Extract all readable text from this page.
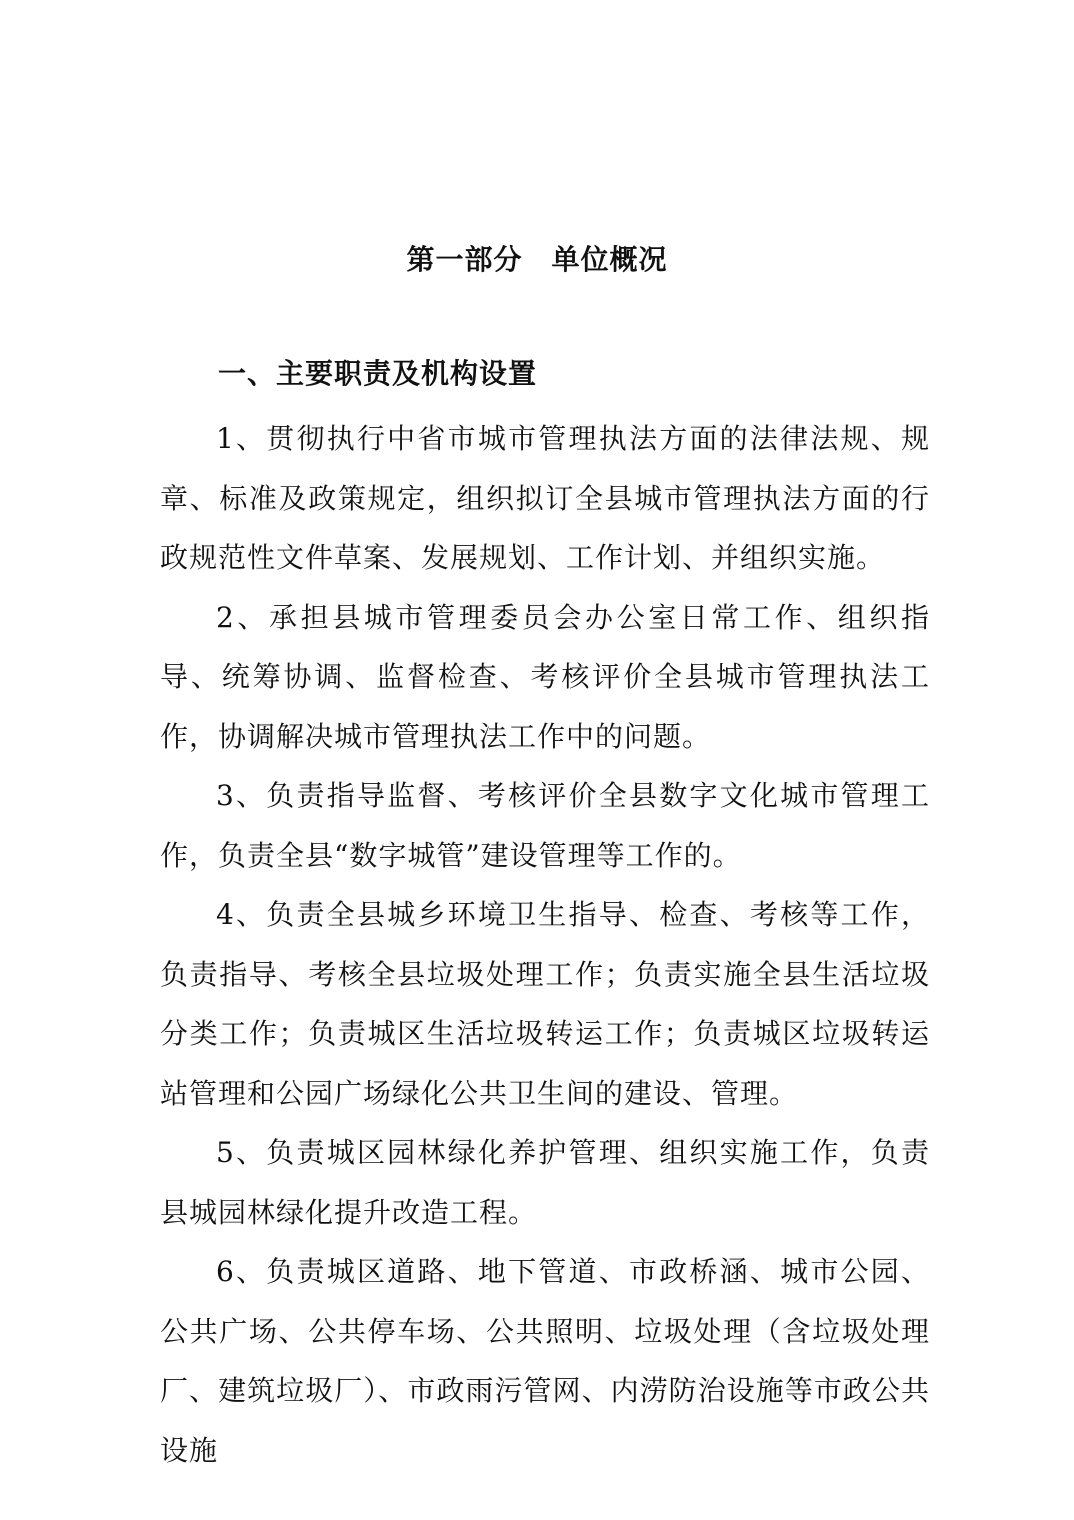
第一部分　单位概况
一、主要职责及机构设置

1、贯彻执行中省市城市管理执法方面的法律法规、规章、标准及政策规定，组织拟订全县城市管理执法方面的行政规范性文件草案、发展规划、工作计划、并组织实施。

2、承担县城市管理委员会办公室日常工作、组织指导、统筹协调、监督检查、考核评价全县城市管理执法工作，协调解决城市管理执法工作中的问题。

3、负责指导监督、考核评价全县数字文化城市管理工作，负责全县“数字城管”建设管理等工作的。

4、负责全县城乡环境卫生指导、检查、考核等工作，负责指导、考核全县垃圾处理工作；负责实施全县生活垃圾分类工作；负责城区生活垃圾转运工作；负责城区垃圾转运站管理和公园广场绿化公共卫生间的建设、管理。

5、负责城区园林绿化养护管理、组织实施工作，负责县城园林绿化提升改造工程。

6、负责城区道路、地下管道、市政桥涵、城市公园、公共广场、公共停车场、公共照明、垃圾处理（含垃圾处理厂、建筑垃圾厂）、市政雨污管网、内涝防治设施等市政公共设施
